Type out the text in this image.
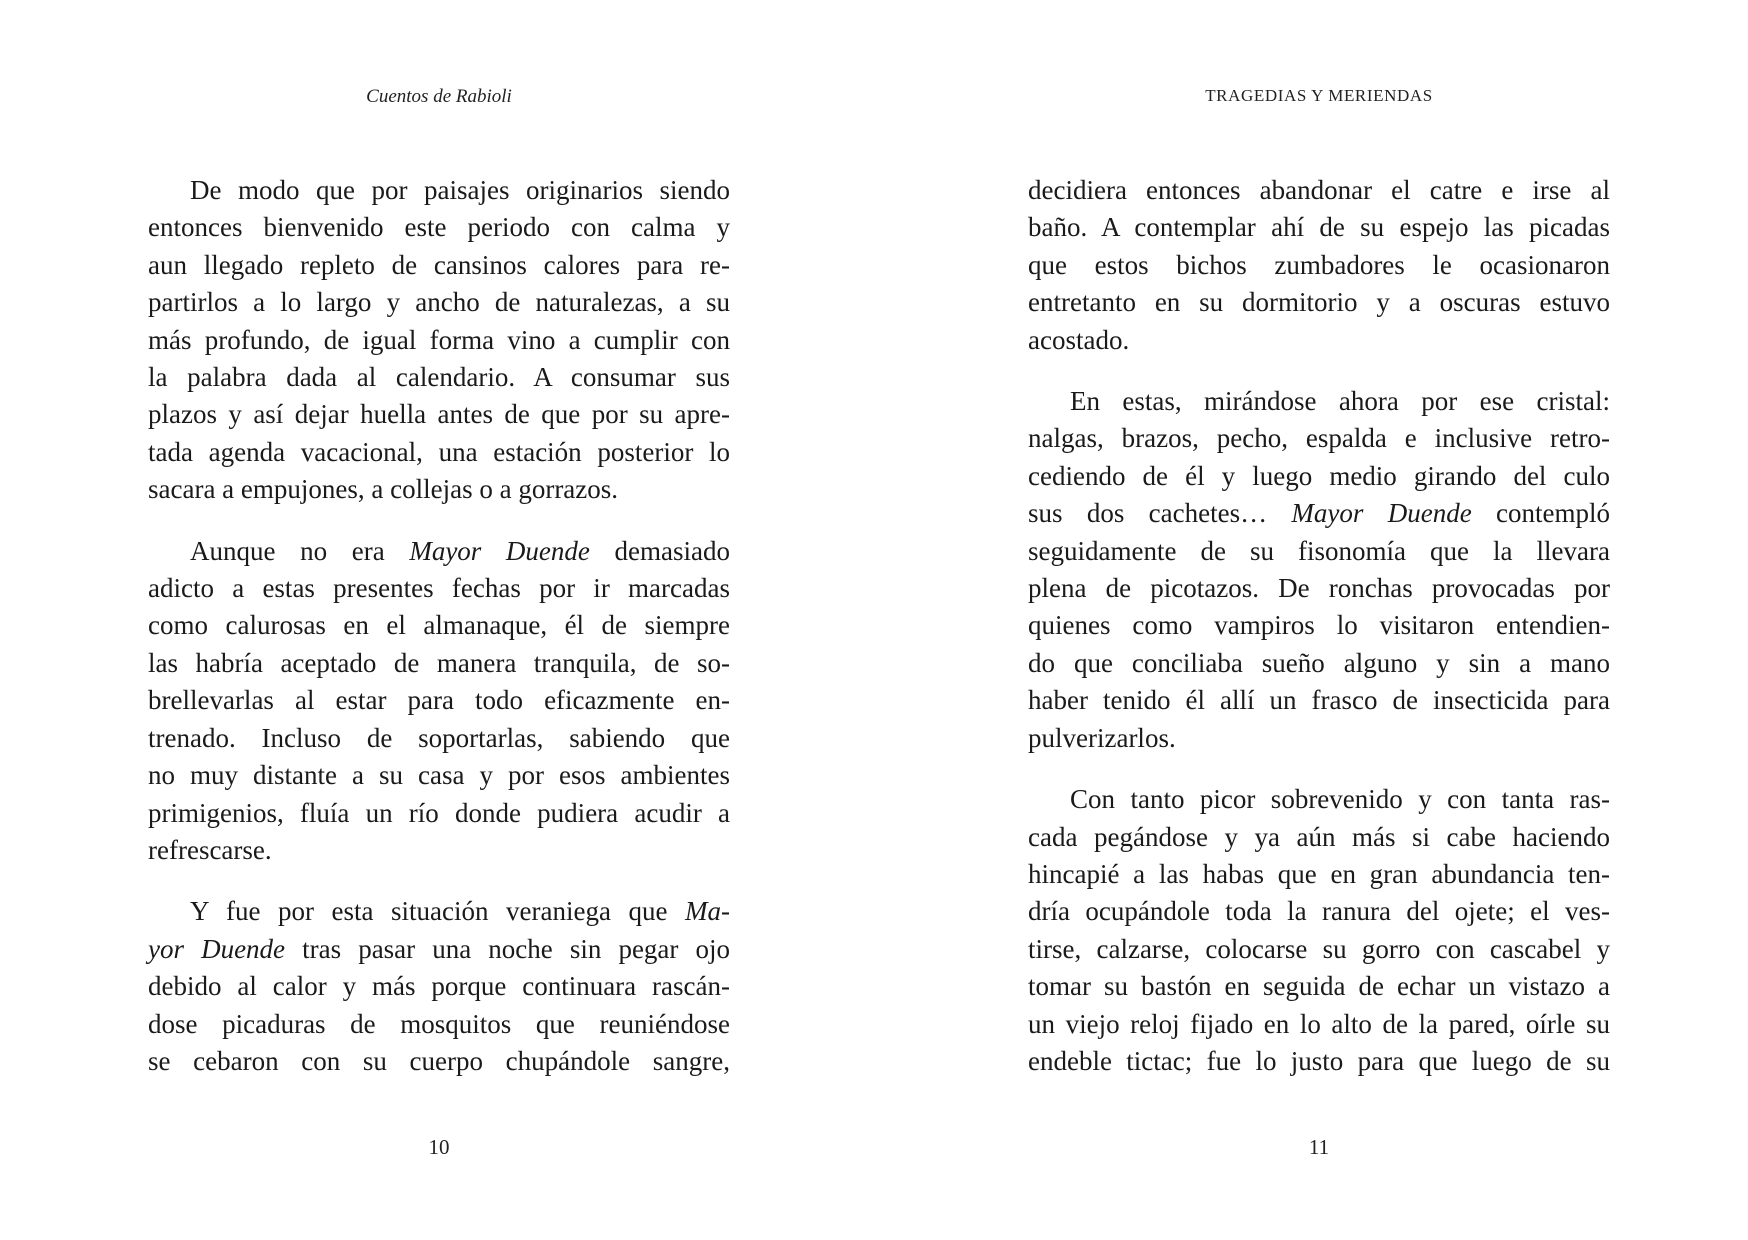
Cuentos de Rabioli

De modo que por paisajes originarios siendo
entonces bienvenido este periodo con calma y
aun llegado repleto de cansinos calores para re-
partirlos a lo largo y ancho de naturalezas, a su
más profundo, de igual forma vino a cumplir con
la palabra dada al calendario. A consumar sus
plazos y así dejar huella antes de que por su apre-
tada agenda vacacional, una estación posterior lo
sacara a empujones, a collejas o a gorrazos.

Aunque no era Mayor Duende demasiado
adicto a estas presentes fechas por ir marcadas
como calurosas en el almanaque, él de siempre
las habría aceptado de manera tranquila, de so-
brellevarlas al estar para todo eficazmente en-
trenado. Incluso de soportarlas, sabiendo que
no muy distante a su casa y por esos ambientes
primigenios, fluía un río donde pudiera acudir a
refrescarse.

Y fue por esta situación veraniega que Ma-
yor Duende tras pasar una noche sin pegar ojo
debido al calor y más porque continuara rascán-
dose picaduras de mosquitos que reuniéndose
se cebaron con su cuerpo chupándole sangre,

10
TRAGEDIAS Y MERIENDAS

decidiera entonces abandonar el catre e irse al
baño. A contemplar ahí de su espejo las picadas
que estos bichos zumbadores le ocasionaron
entretanto en su dormitorio y a oscuras estuvo
acostado.

En estas, mirándose ahora por ese cristal:
nalgas, brazos, pecho, espalda e inclusive retro-
cediendo de él y luego medio girando del culo
sus dos cachetes… Mayor Duende contempló
seguidamente de su fisonomía que la llevara
plena de picotazos. De ronchas provocadas por
quienes como vampiros lo visitaron entendien-
do que conciliaba sueño alguno y sin a mano
haber tenido él allí un frasco de insecticida para
pulverizarlos.

Con tanto picor sobrevenido y con tanta ras-
cada pegándose y ya aún más si cabe haciendo
hincapié a las habas que en gran abundancia ten-
dría ocupándole toda la ranura del ojete; el ves-
tirse, calzarse, colocarse su gorro con cascabel y
tomar su bastón en seguida de echar un vistazo a
un viejo reloj fijado en lo alto de la pared, oírle su
endeble tictac; fue lo justo para que luego de su

11
